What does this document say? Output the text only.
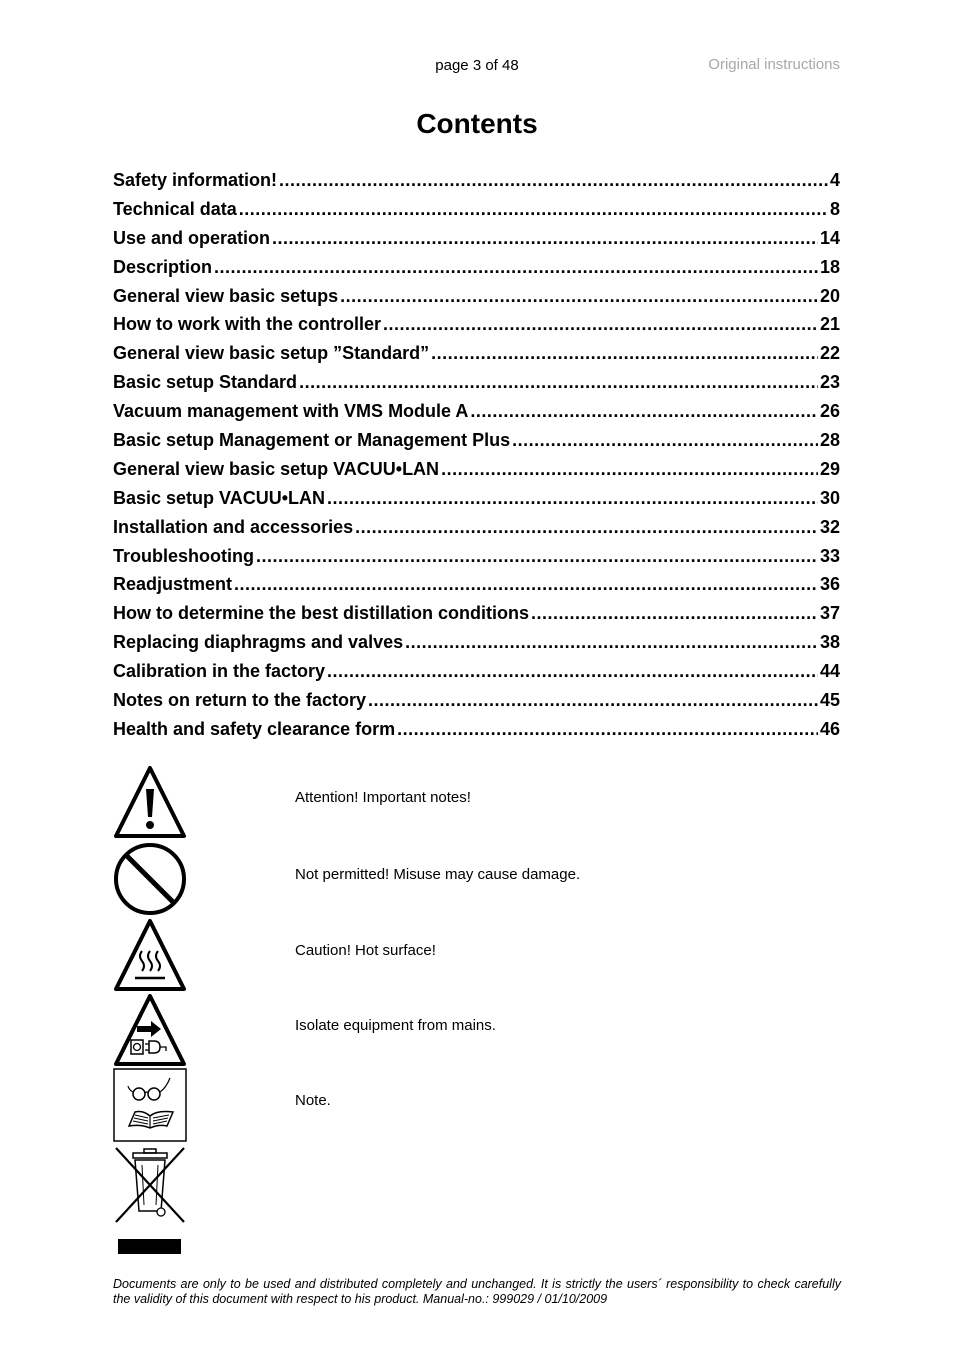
page 3 of 48	Original instructions
Contents
Safety information! .....	4
Technical data .....	8
Use and operation .....	14
Description .....	18
General view basic setups .....	20
How to work with the controller .....	21
General view basic setup ”Standard” .....	22
Basic setup Standard .....	23
Vacuum management with VMS Module A .....	26
Basic setup Management or Management Plus .....	28
General view basic setup VACUU•LAN .....	29
Basic setup VACUU•LAN .....	30
Installation and accessories .....	32
Troubleshooting .....	33
Readjustment .....	36
How to determine the best distillation conditions .....	37
Replacing diaphragms and valves .....	38
Calibration in the factory .....	44
Notes on return to the factory .....	45
Health and safety clearance form .....	46
Attention! Important notes!
Not permitted! Misuse may cause damage.
Caution! Hot surface!
Isolate equipment from mains.
Note.
Documents are only to be used and distributed completely and unchanged. It is strictly the users´ responsibility to check carefully the validity of this document with respect to his product. Manual-no.: 999029 / 01/10/2009
